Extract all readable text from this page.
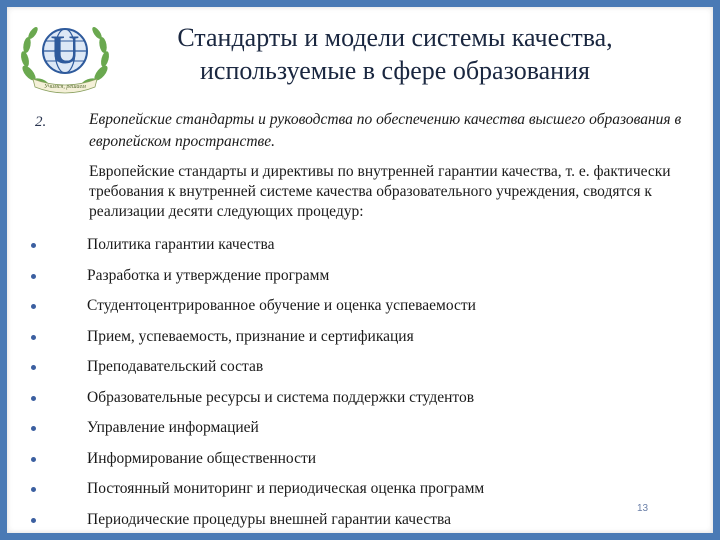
U
Учимся, решаем
Стандарты и модели системы качества,
используемые в сфере образования
2.	Европейские стандарты и руководства по обеспечению качества высшего образования в европейском пространстве.
Европейские стандарты и директивы по внутренней гарантии качества, т. е. фактически требования к внутренней системе качества образовательного учреждения, сводятся к реализации десяти следующих процедур:
Политика гарантии качества
Разработка и утверждение программ
Студентоцентрированное обучение и оценка успеваемости
Прием, успеваемость, признание и сертификация
Преподавательский состав
Образовательные ресурсы и система поддержки студентов
Управление информацией
Информирование общественности
Постоянный мониторинг и периодическая оценка программ
Периодические процедуры внешней гарантии качества
13
